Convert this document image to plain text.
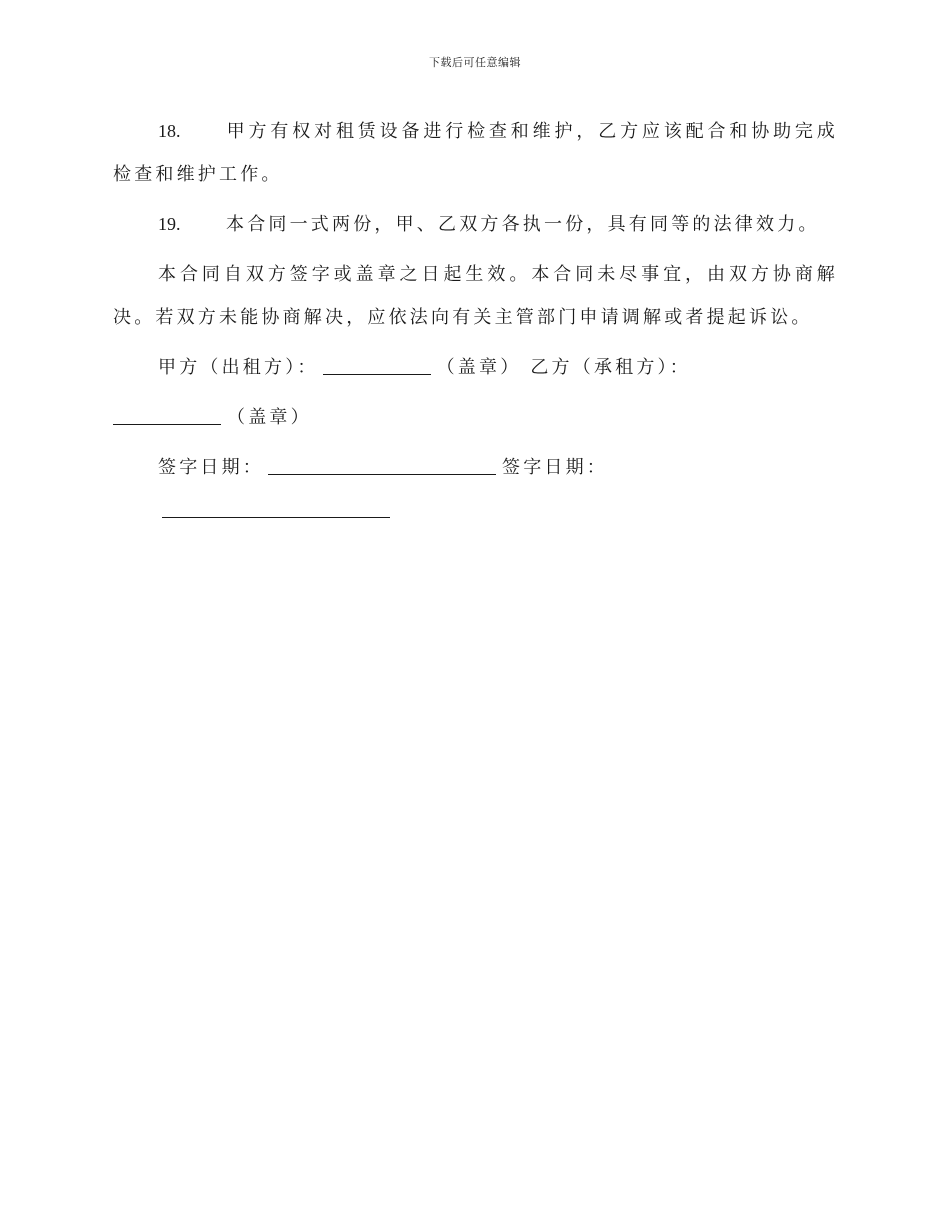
下载后可任意编辑

18.	甲方有权对租赁设备进行检查和维护，乙方应该配合和协助完成检查和维护工作。

19.	本合同一式两份，甲、乙双方各执一份，具有同等的法律效力。

本合同自双方签字或盖章之日起生效。本合同未尽事宜，由双方协商解决。若双方未能协商解决，应依法向有关主管部门申请调解或者提起诉讼。

甲方（出租方）：	（盖章） 乙方（承租方）：
（盖章）
签字日期：	签字日期：
